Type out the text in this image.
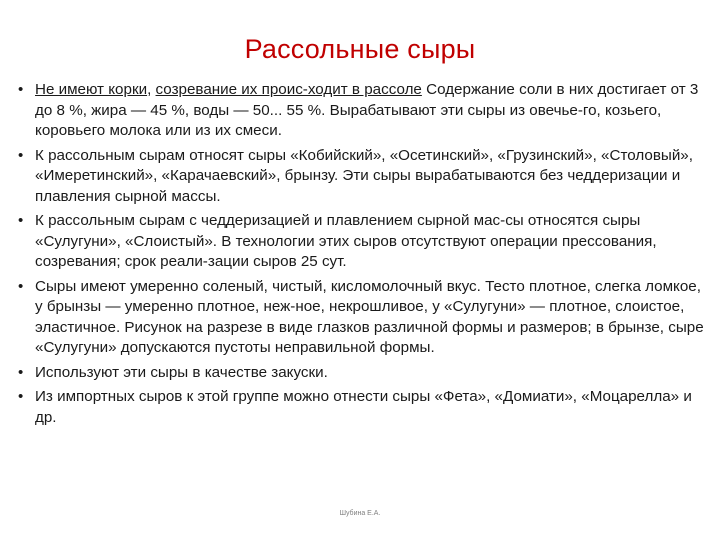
Рассольные сыры
• Не имеют корки, созревание их проис-ходит в рассоле Содержание соли в них достигает от 3 до 8 %, жира — 45 %, воды — 50... 55 %. Вырабатывают эти сыры из овечье-го, козьего, коровьего молока или из их смеси.
• К рассольным сырам относят сыры «Кобийский», «Осетинский», «Грузинский», «Столовый», «Имеретинский», «Карачаевский», брынзу. Эти сыры вырабатываются без чеддеризации и плавления сырной массы.
• К рассольным сырам с чеддеризацией и плавлением сырной мас-сы относятся сыры «Сулугуни», «Слоистый». В технологии этих сыров отсутствуют операции прессования, созревания; срок реали-зации сыров 25 сут.
• Сыры имеют умеренно соленый, чистый, кисломолочный вкус. Тесто плотное, слегка ломкое, у брынзы — умеренно плотное, неж-ное, некрошливое, у «Сулугуни» — плотное, слоистое, эластичное. Рисунок на разрезе в виде глазков различной формы и размеров; в брынзе, сыре «Сулугуни» допускаются пустоты неправильной формы.
• Используют эти сыры в качестве закуски.
• Из импортных сыров к этой группе можно отнести сыры «Фета», «Домиати», «Моцарелла» и др.
Шубина Е.А.
